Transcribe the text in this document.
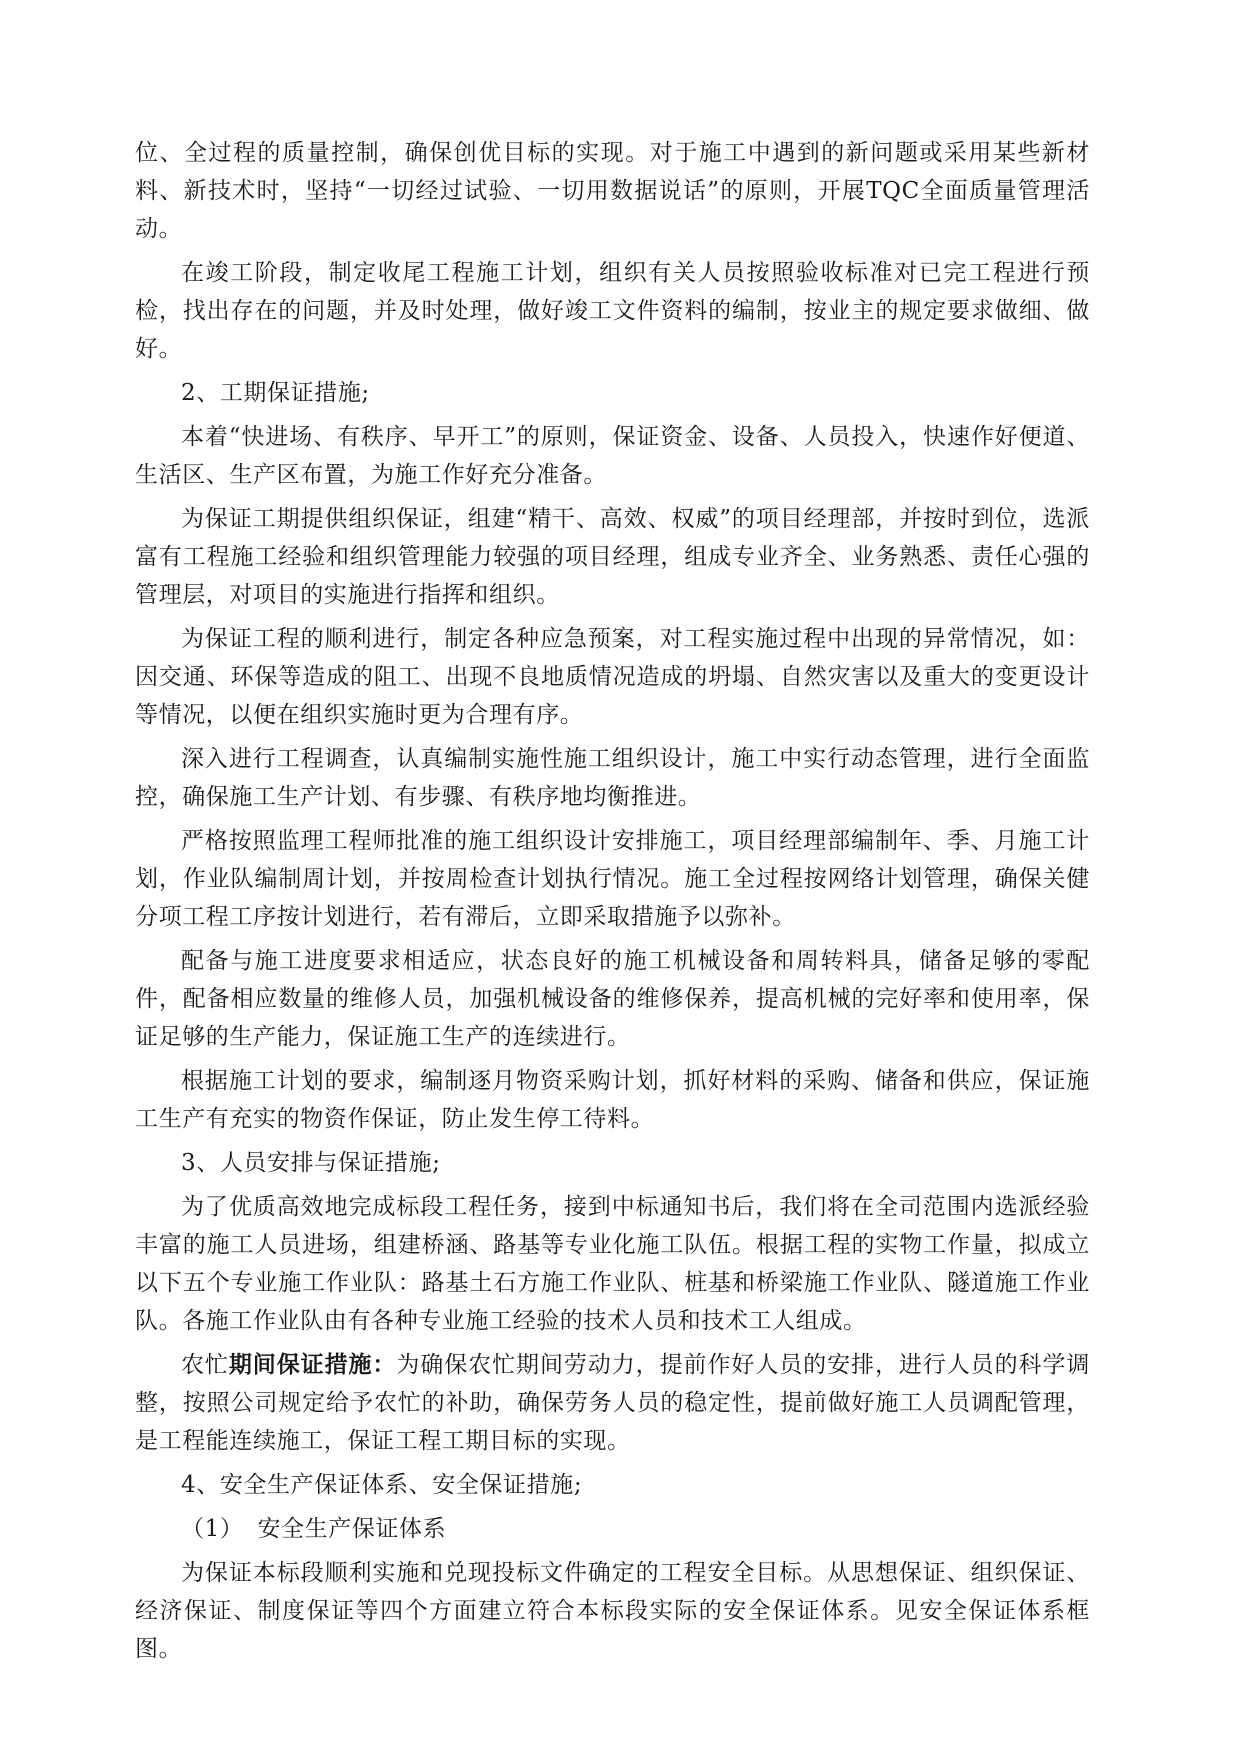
位、全过程的质量控制，确保创优目标的实现。对于施工中遇到的新问题或采用某些新材料、新技术时，坚持“一切经过试验、一切用数据说话”的原则，开展TQC全面质量管理活动。

在竣工阶段，制定收尾工程施工计划，组织有关人员按照验收标准对已完工程进行预检，找出存在的问题，并及时处理，做好竣工文件资料的编制，按业主的规定要求做细、做好。

2、工期保证措施;

本着“快进场、有秩序、早开工”的原则，保证资金、设备、人员投入，快速作好便道、生活区、生产区布置，为施工作好充分准备。

为保证工期提供组织保证，组建“精干、高效、权威”的项目经理部，并按时到位，选派富有工程施工经验和组织管理能力较强的项目经理，组成专业齐全、业务熟悉、责任心强的管理层，对项目的实施进行指挥和组织。

为保证工程的顺利进行，制定各种应急预案，对工程实施过程中出现的异常情况，如：因交通、环保等造成的阻工、出现不良地质情况造成的坍塌、自然灾害以及重大的变更设计等情况，以便在组织实施时更为合理有序。

深入进行工程调查，认真编制实施性施工组织设计，施工中实行动态管理，进行全面监控，确保施工生产计划、有步骤、有秩序地均衡推进。

严格按照监理工程师批准的施工组织设计安排施工，项目经理部编制年、季、月施工计划，作业队编制周计划，并按周检查计划执行情况。施工全过程按网络计划管理，确保关健分项工程工序按计划进行，若有滞后，立即采取措施予以弥补。

配备与施工进度要求相适应，状态良好的施工机械设备和周转料具，储备足够的零配件，配备相应数量的维修人员，加强机械设备的维修保养，提高机械的完好率和使用率，保证足够的生产能力，保证施工生产的连续进行。

根据施工计划的要求，编制逐月物资采购计划，抓好材料的采购、储备和供应，保证施工生产有充实的物资作保证，防止发生停工待料。

3、人员安排与保证措施;

为了优质高效地完成标段工程任务，接到中标通知书后，我们将在全司范围内选派经验丰富的施工人员进场，组建桥涵、路基等专业化施工队伍。根据工程的实物工作量，拟成立以下五个专业施工作业队：路基土石方施工作业队、桩基和桥梁施工作业队、隧道施工作业队。各施工作业队由有各种专业施工经验的技术人员和技术工人组成。

农忙期间保证措施：为确保农忙期间劳动力，提前作好人员的安排，进行人员的科学调整，按照公司规定给予农忙的补助，确保劳务人员的稳定性，提前做好施工人员调配管理，是工程能连续施工，保证工程工期目标的实现。

4、安全生产保证体系、安全保证措施;

（1） 安全生产保证体系

为保证本标段顺利实施和兑现投标文件确定的工程安全目标。从思想保证、组织保证、经济保证、制度保证等四个方面建立符合本标段实际的安全保证体系。见安全保证体系框图。
